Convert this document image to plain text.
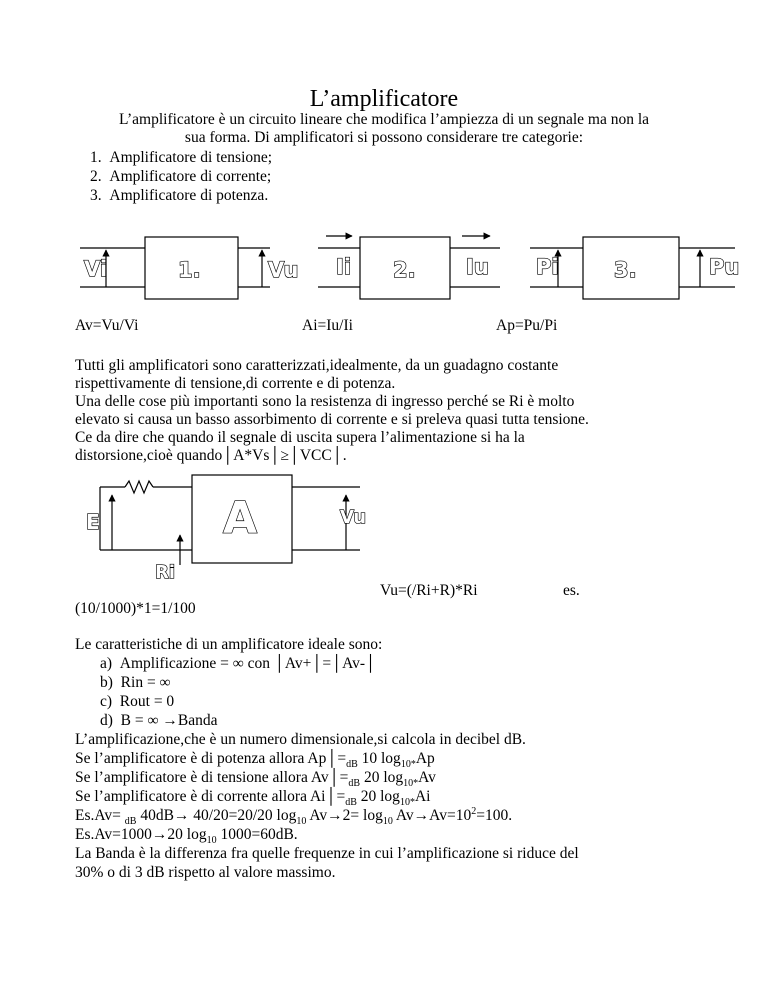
L’amplificatore
L’amplificatore è un circuito lineare che modifica l’ampiezza di un segnale ma non la
sua forma. Di amplificatori si possono considerare tre categorie:
1. Amplificatore di tensione;
2. Amplificatore di corrente;
3. Amplificatore di potenza.
Vi	1.	Vu Ii 2. Iu Pi	3.	Pu
Av=Vu/Vi	Ai=Iu/Ii	Ap=Pu/Pi
Tutti gli amplificatori sono caratterizzati,idealmente, da un guadagno costante
rispettivamente di tensione,di corrente e di potenza.
Una delle cose più importanti sono la resistenza di ingresso perché se Ri è molto
elevato si causa un basso assorbimento di corrente e si preleva quasi tutta tensione.
Ce da dire che quando il segnale di uscita supera l’alimentazione si ha la
distorsione,cioè quando│A*Vs│≥│VCC│.
E	A	Vu
Ri
Vu=(/Ri+R)*Ri	es.
(10/1000)*1=1/100
Le caratteristiche di un amplificatore ideale sono:
a) Amplificazione = ∞ con │Av+│=│Av-│
b) Rin = ∞
c) Rout = 0
d) B = ∞ →Banda
L’amplificazione,che è un numero dimensionale,si calcola in decibel dB.
Se l’amplificatore è di potenza allora $Ap│=_{dB}$ 10 $\log_{10*}Ap$
Se l’amplificatore è di tensione allora $Av│=_{dB}$ 20 $\log_{10*}Av$
Se l’amplificatore è di corrente allora $Ai│=_{dB}$ 20 $\log_{10*}Ai$
Es.Av= $_{dB}$ 40dB→ 40/20=20/20 $\log_{10} Av\to 2= \log_{10} Av\to Av=10^2=100$.
Es.Av=1000→20 $\log_{10} 1000=60dB$.
La Banda è la differenza fra quelle frequenze in cui l’amplificazione si riduce del
30% o di 3 dB rispetto al valore massimo.
